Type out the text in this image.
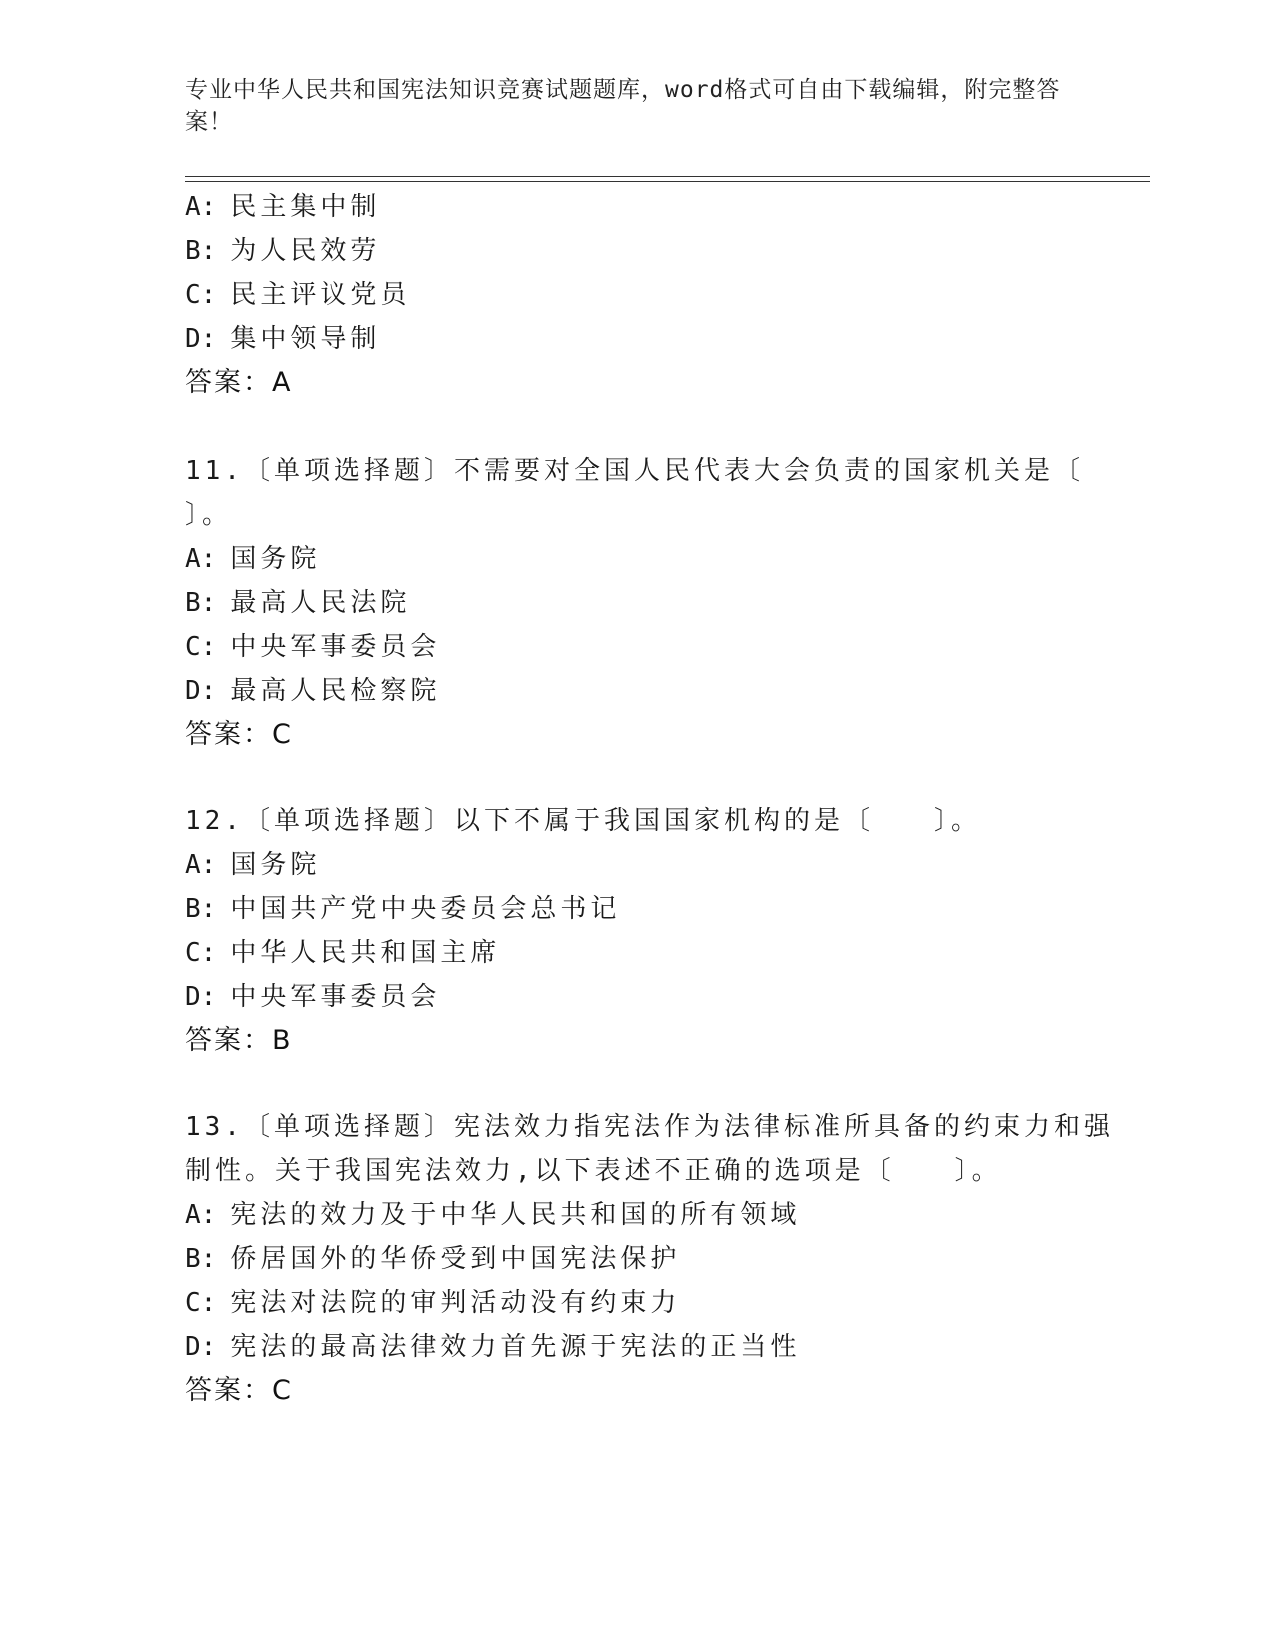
专业中华人民共和国宪法知识竞赛试题题库，word格式可自由下载编辑，附完整答案！
A: 民主集中制
B: 为人民效劳
C: 民主评议党员
D: 集中领导制
答案：A
11.〔单项选择题〕不需要对全国人民代表大会负责的国家机关是〔
〕。
A: 国务院
B: 最高人民法院
C: 中央军事委员会
D: 最高人民检察院
答案：C
12.〔单项选择题〕以下不属于我国国家机构的是〔　　〕。
A: 国务院
B: 中国共产党中央委员会总书记
C: 中华人民共和国主席
D: 中央军事委员会
答案：B
13.〔单项选择题〕宪法效力指宪法作为法律标准所具备的约束力和强
制性。关于我国宪法效力,以下表述不正确的选项是〔　　〕。
A: 宪法的效力及于中华人民共和国的所有领域
B: 侨居国外的华侨受到中国宪法保护
C: 宪法对法院的审判活动没有约束力
D: 宪法的最高法律效力首先源于宪法的正当性
答案：C
